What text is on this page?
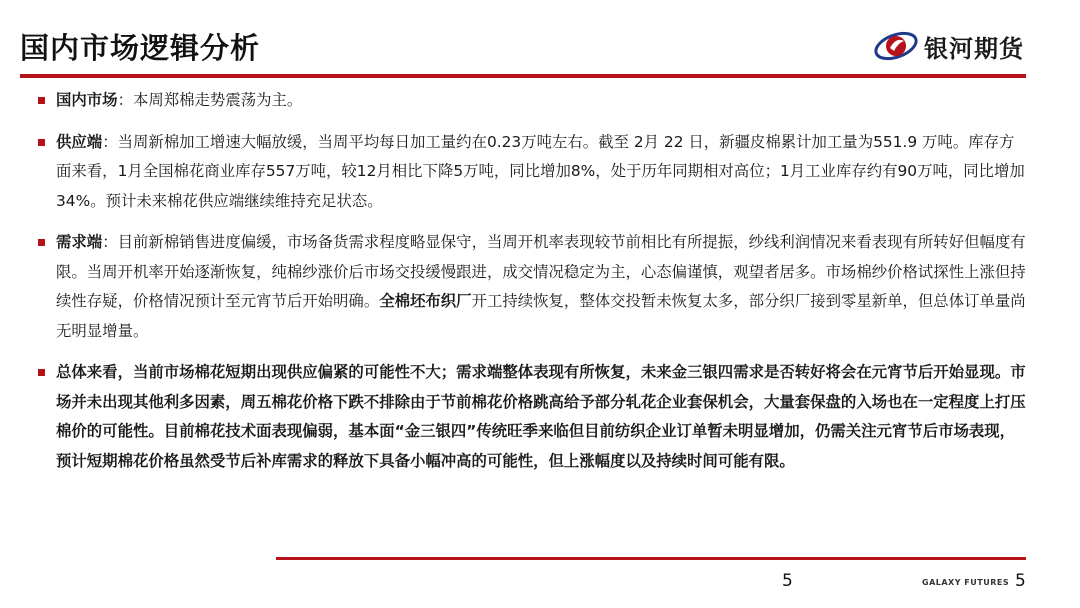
国内市场逻辑分析	银河期货
国内市场：本周郑棉走势震荡为主。
供应端：当周新棉加工增速大幅放缓，当周平均每日加工量约在0.23万吨左右。截至 2月 22 日，新疆皮棉累计加工量为551.9 万吨。库存方面来看，1月全国棉花商业库存557万吨，较12月相比下降5万吨，同比增加8%，处于历年同期相对高位；1月工业库存约有90万吨，同比增加34%。预计未来棉花供应端继续维持充足状态。
需求端：目前新棉销售进度偏缓，市场备货需求程度略显保守，当周开机率表现较节前相比有所提振，纱线利润情况来看表现有所转好但幅度有限。当周开机率开始逐渐恢复，纯棉纱涨价后市场交投缓慢跟进，成交情况稳定为主，心态偏谨慎，观望者居多。市场棉纱价格试探性上涨但持续性存疑，价格情况预计至元宵节后开始明确。全棉坯布织厂开工持续恢复，整体交投暂未恢复太多，部分织厂接到零星新单，但总体订单量尚无明显增量。
总体来看，当前市场棉花短期出现供应偏紧的可能性不大；需求端整体表现有所恢复，未来金三银四需求是否转好将会在元宵节后开始显现。市场并未出现其他利多因素，周五棉花价格下跌不排除由于节前棉花价格跳高给予部分轧花企业套保机会，大量套保盘的入场也在一定程度上打压棉价的可能性。目前棉花技术面表现偏弱，基本面“金三银四”传统旺季来临但目前纺织企业订单暂未明显增加，仍需关注元宵节后市场表现，预计短期棉花价格虽然受节后补库需求的释放下具备小幅冲高的可能性，但上涨幅度以及持续时间可能有限。
5	GALAXY FUTURES 5
